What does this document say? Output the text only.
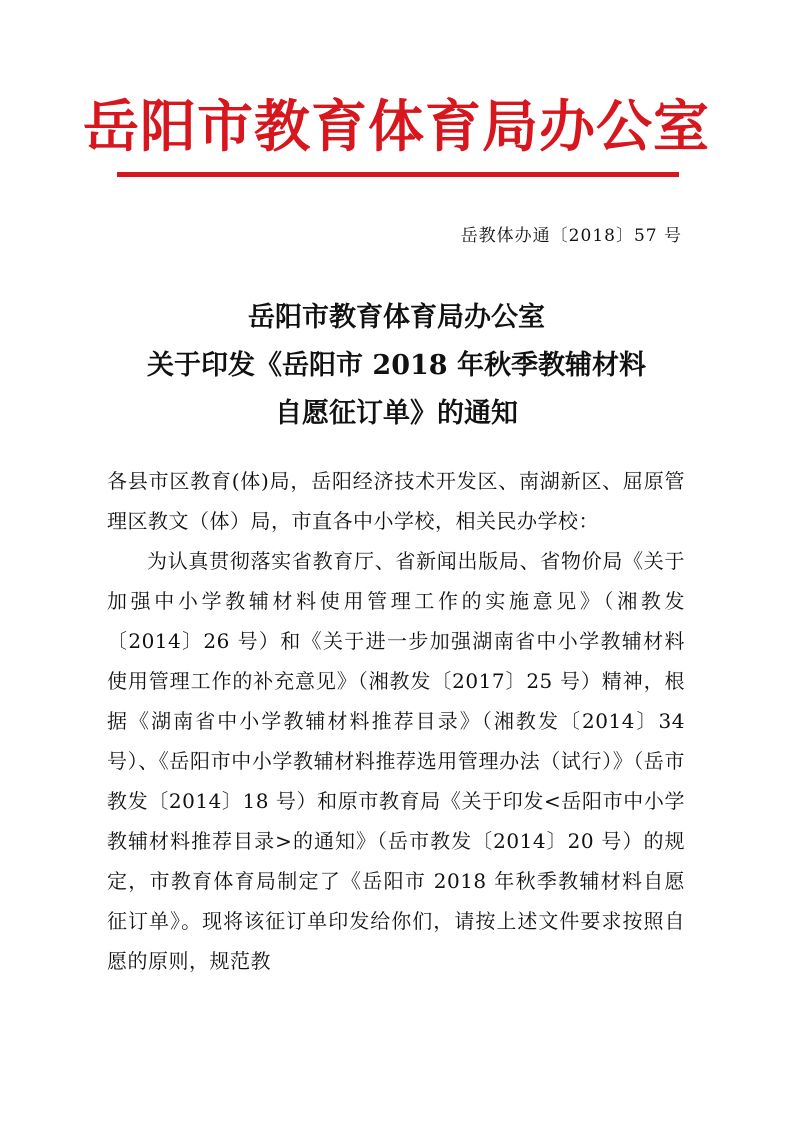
岳阳市教育体育局办公室
岳教体办通〔2018〕57 号
岳阳市教育体育局办公室
关于印发《岳阳市 2018 年秋季教辅材料
自愿征订单》的通知

各县市区教育(体)局，岳阳经济技术开发区、南湖新区、屈原管理区教文（体）局，市直各中小学校，相关民办学校：

为认真贯彻落实省教育厅、省新闻出版局、省物价局《关于加强中小学教辅材料使用管理工作的实施意见》（湘教发〔2014〕26 号）和《关于进一步加强湖南省中小学教辅材料使用管理工作的补充意见》（湘教发〔2017〕25 号）精神，根据《湖南省中小学教辅材料推荐目录》（湘教发〔2014〕34 号）、《岳阳市中小学教辅材料推荐选用管理办法（试行）》（岳市教发〔2014〕18 号）和原市教育局《关于印发<岳阳市中小学教辅材料推荐目录>的通知》（岳市教发〔2014〕20 号）的规定，市教育体育局制定了《岳阳市 2018 年秋季教辅材料自愿征订单》。现将该征订单印发给你们，请按上述文件要求按照自愿的原则，规范教
